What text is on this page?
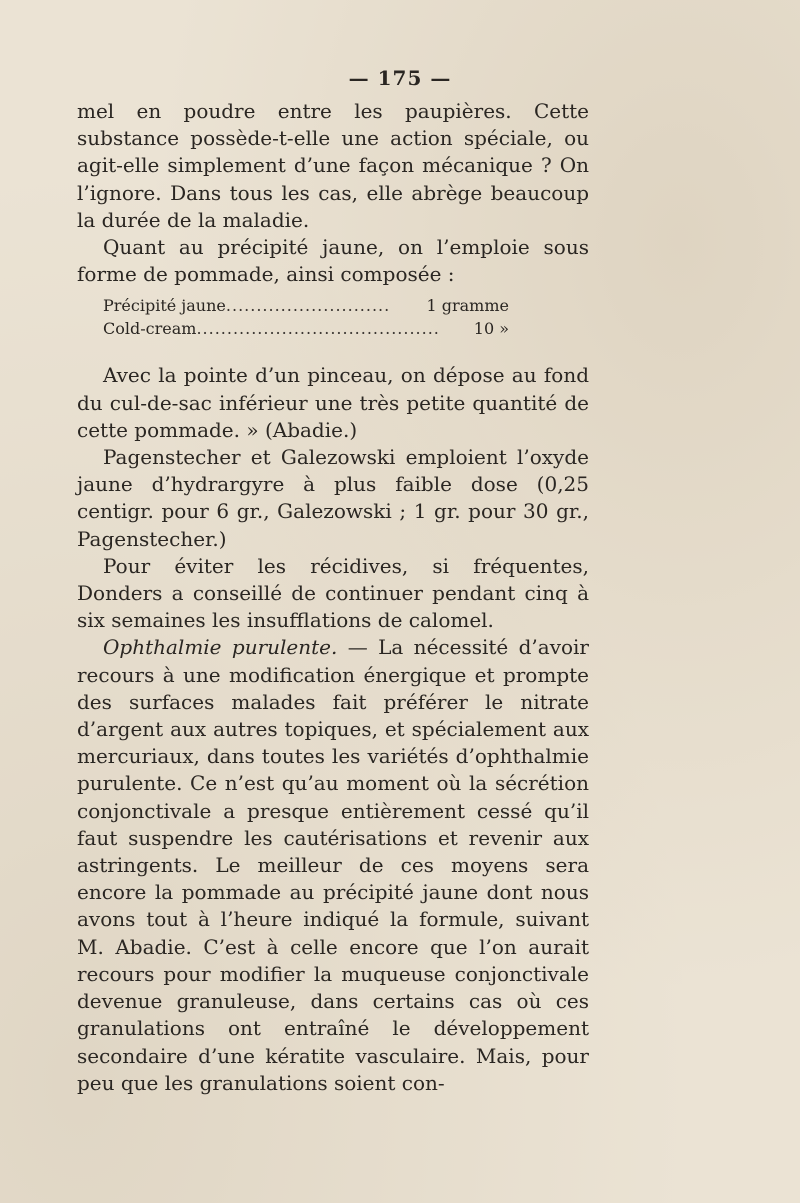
— 175 —

mel en poudre entre les paupières. Cette substance possède-t-elle une action spéciale, ou agit-elle simplement d’une façon mécanique ? On l’ignore. Dans tous les cas, elle abrège beaucoup la durée de la maladie.

Quant au précipité jaune, on l’emploie sous forme de pommade, ainsi composée :

Précipité jaune ...........................	1 gramme
Cold-cream ........................................	10 »

Avec la pointe d’un pinceau, on dépose au fond du cul-de-sac inférieur une très petite quantité de cette pommade. » (Abadie.)

Pagenstecher et Galezowski emploient l’oxyde jaune d’hydrargyre à plus faible dose (0,25 centigr. pour 6 gr., Galezowski ; 1 gr. pour 30 gr., Pagenstecher.)

Pour éviter les récidives, si fréquentes, Donders a conseillé de continuer pendant cinq à six semaines les insufflations de calomel.

Ophthalmie purulente. — La nécessité d’avoir recours à une modification énergique et prompte des surfaces malades fait préférer le nitrate d’argent aux autres topiques, et spécialement aux mercuriaux, dans toutes les variétés d’ophthalmie purulente. Ce n’est qu’au moment où la sécrétion conjonctivale a presque entièrement cessé qu’il faut suspendre les cautérisations et revenir aux astringents. Le meilleur de ces moyens sera encore la pommade au précipité jaune dont nous avons tout à l’heure indiqué la formule, suivant M. Abadie. C’est à celle encore que l’on aurait recours pour modifier la muqueuse conjonctivale devenue granuleuse, dans certains cas où ces granulations ont entraîné le développement secondaire d’une kératite vasculaire. Mais, pour peu que les granulations soient con-
